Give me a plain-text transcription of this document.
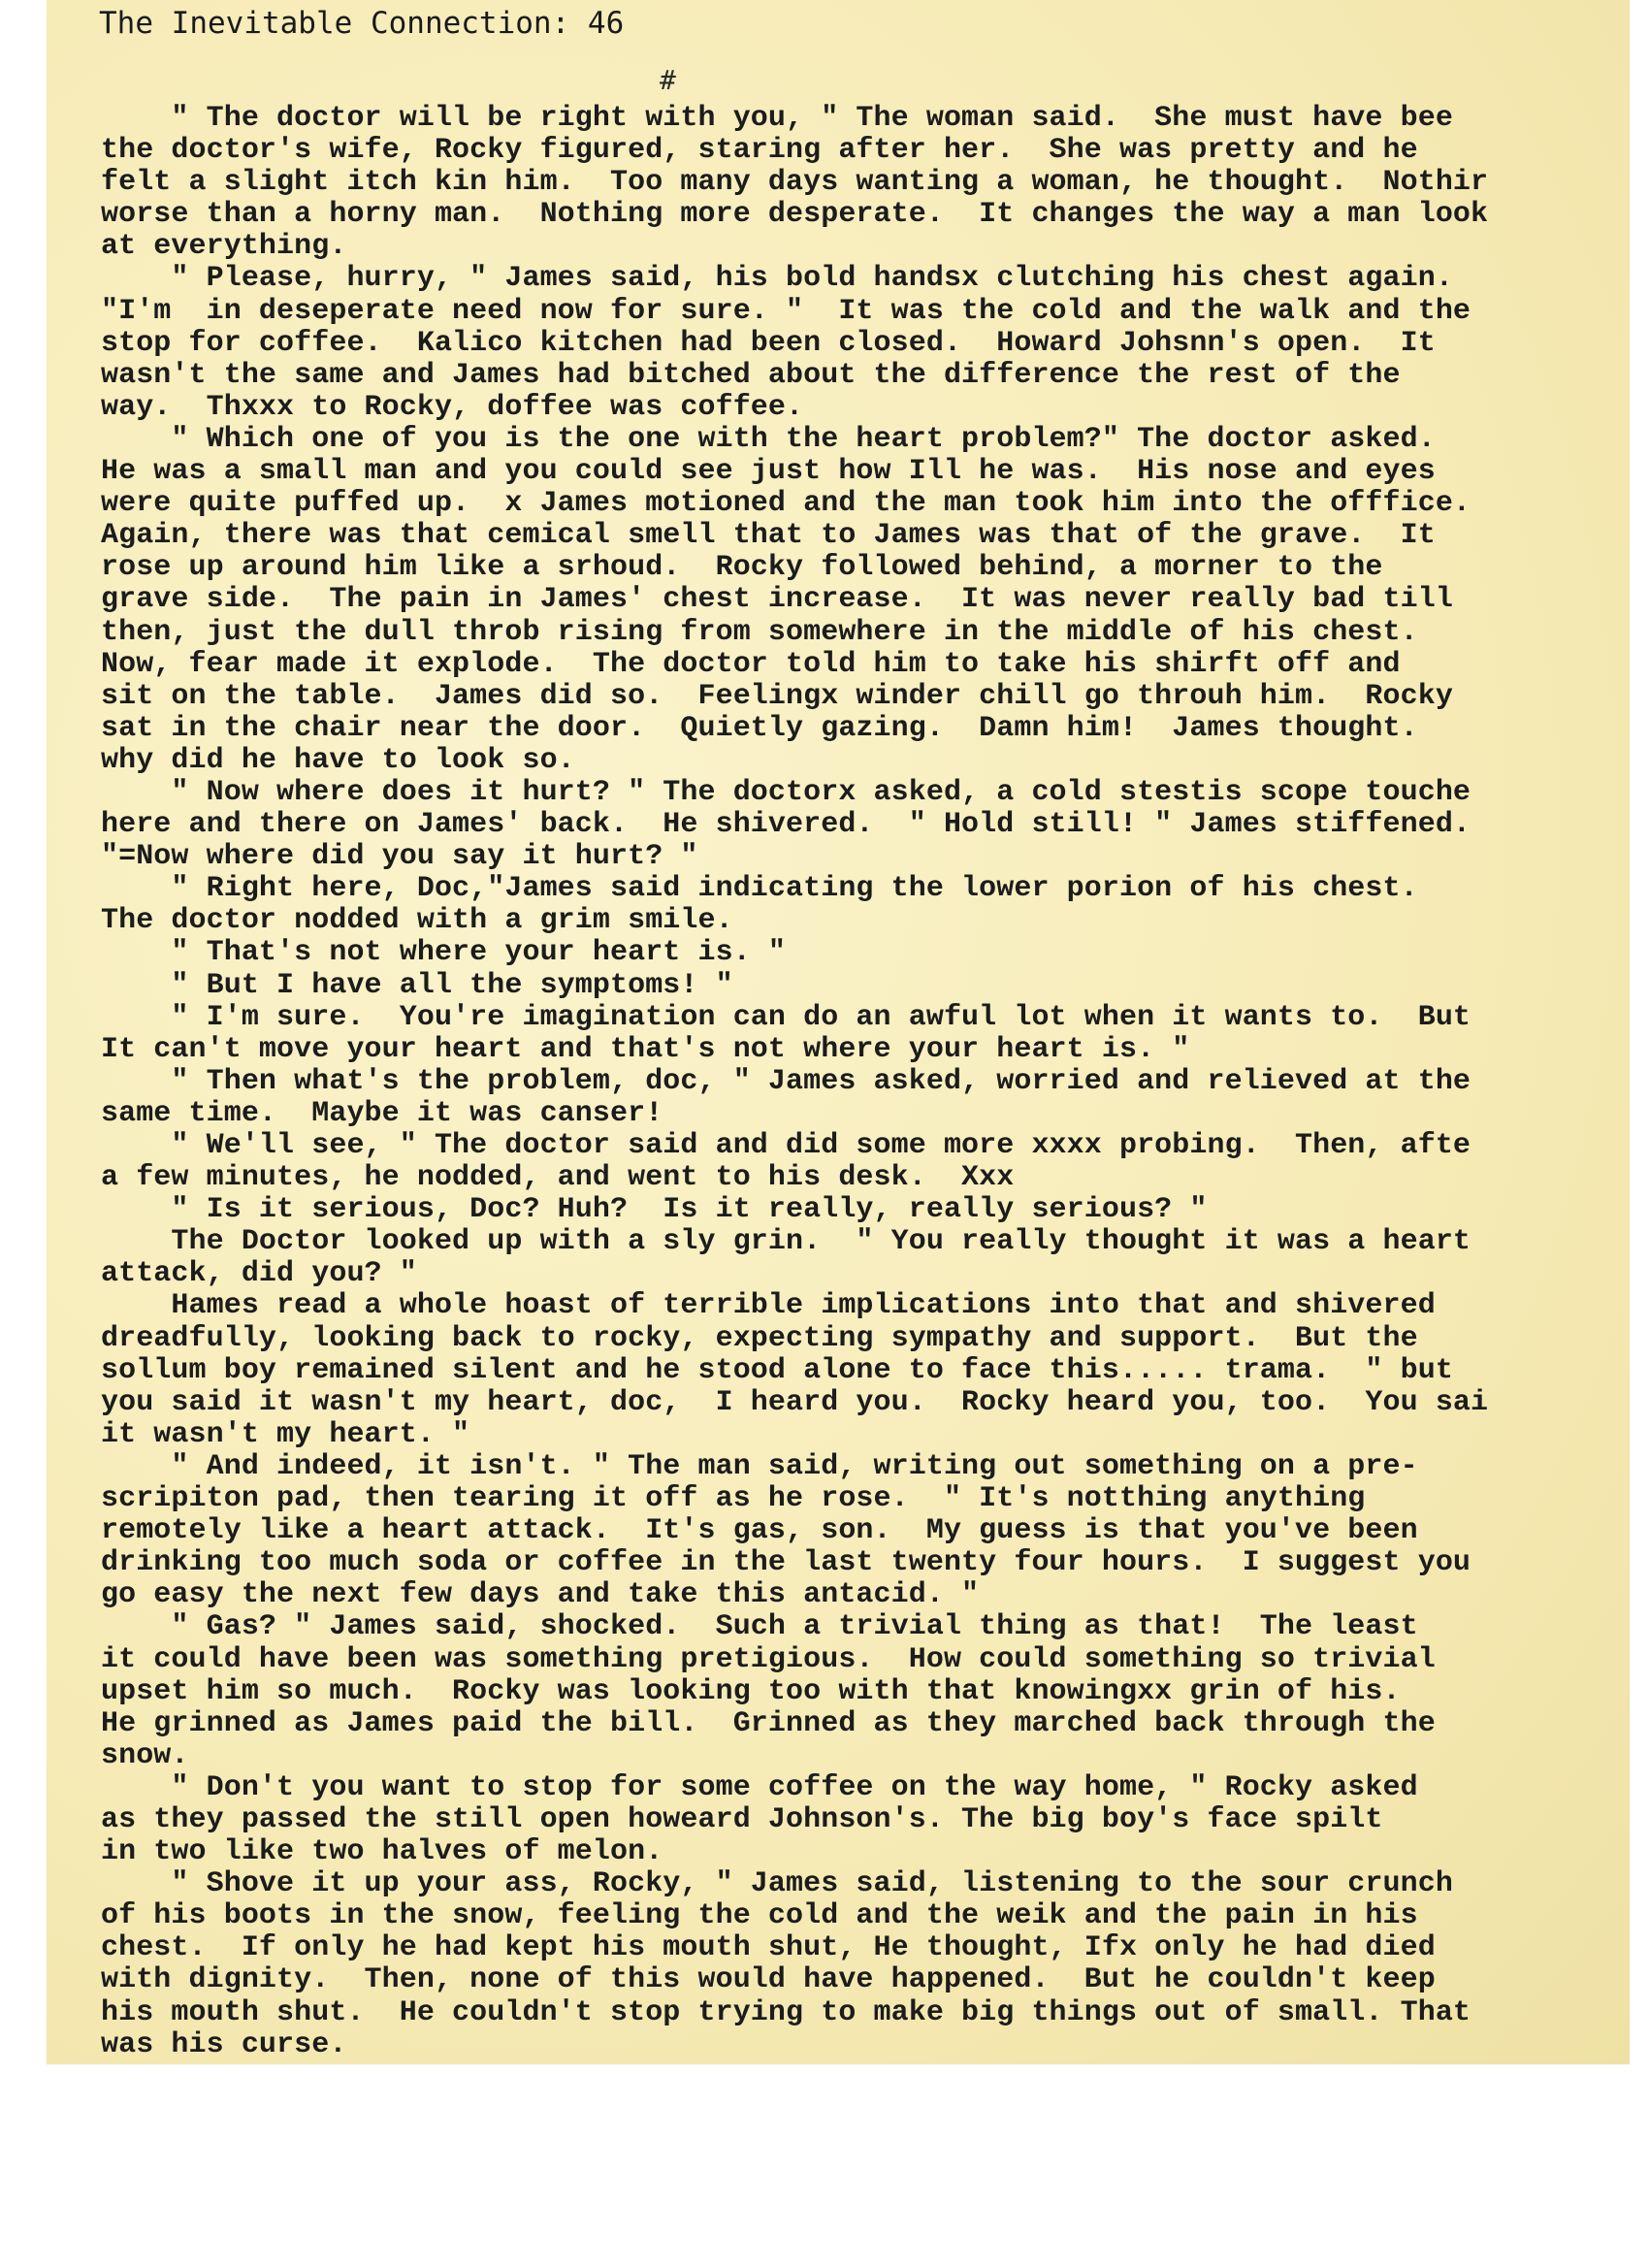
The Inevitable Connection: 46
#
" The doctor will be right with you, " The woman said.  She must have bee
the doctor's wife, Rocky figured, staring after her.  She was pretty and he
felt a slight itch kin him.  Too many days wanting a woman, he thought.  Nothir
worse than a horny man.  Nothing more desperate.  It changes the way a man look
at everything.
" Please, hurry, " James said, his bold handsx clutching his chest again.
"I'm  in deseperate need now for sure. "  It was the cold and the walk and the
stop for coffee.  Kalico kitchen had been closed.  Howard Johsnn's open.  It
wasn't the same and James had bitched about the difference the rest of the
way.  Thxxx to Rocky, doffee was coffee.
" Which one of you is the one with the heart problem?" The doctor asked.
He was a small man and you could see just how Ill he was.  His nose and eyes
were quite puffed up.  x James motioned and the man took him into the offfice.
Again, there was that cemical smell that to James was that of the grave.  It
rose up around him like a srhoud.  Rocky followed behind, a morner to the
grave side.  The pain in James' chest increase.  It was never really bad till
then, just the dull throb rising from somewhere in the middle of his chest.
Now, fear made it explode.  The doctor told him to take his shirft off and
sit on the table.  James did so.  Feelingx winder chill go throuh him.  Rocky
sat in the chair near the door.  Quietly gazing.  Damn him!  James thought.
why did he have to look so.
" Now where does it hurt? " The doctorx asked, a cold stestis scope touche
here and there on James' back.  He shivered.  " Hold still! " James stiffened.
"=Now where did you say it hurt? "
" Right here, Doc,"James said indicating the lower porion of his chest.
The doctor nodded with a grim smile.
" That's not where your heart is. "
" But I have all the symptoms! "
" I'm sure.  You're imagination can do an awful lot when it wants to.  But
It can't move your heart and that's not where your heart is. "
" Then what's the problem, doc, " James asked, worried and relieved at the
same time.  Maybe it was canser!
" We'll see, " The doctor said and did some more xxxx probing.  Then, afte
a few minutes, he nodded, and went to his desk.  Xxx
" Is it serious, Doc? Huh?  Is it really, really serious? "
The Doctor looked up with a sly grin.  " You really thought it was a heart
attack, did you? "
Hames read a whole hoast of terrible implications into that and shivered
dreadfully, looking back to rocky, expecting sympathy and support.  But the
sollum boy remained silent and he stood alone to face this..... trama.  " but
you said it wasn't my heart, doc,  I heard you.  Rocky heard you, too.  You sai
it wasn't my heart. "
" And indeed, it isn't. " The man said, writing out something on a pre-
scripiton pad, then tearing it off as he rose.  " It's notthing anything
remotely like a heart attack.  It's gas, son.  My guess is that you've been
drinking too much soda or coffee in the last twenty four hours.  I suggest you
go easy the next few days and take this antacid. "
" Gas? " James said, shocked.  Such a trivial thing as that!  The least
it could have been was something pretigious.  How could something so trivial
upset him so much.  Rocky was looking too with that knowingxx grin of his.
He grinned as James paid the bill.  Grinned as they marched back through the
snow.
" Don't you want to stop for some coffee on the way home, " Rocky asked
as they passed the still open howeard Johnson's. The big boy's face spilt
in two like two halves of melon.
" Shove it up your ass, Rocky, " James said, listening to the sour crunch
of his boots in the snow, feeling the cold and the weik and the pain in his
chest.  If only he had kept his mouth shut, He thought, Ifx only he had died
with dignity.  Then, none of this would have happened.  But he couldn't keep
his mouth shut.  He couldn't stop trying to make big things out of small. That
was his curse.
